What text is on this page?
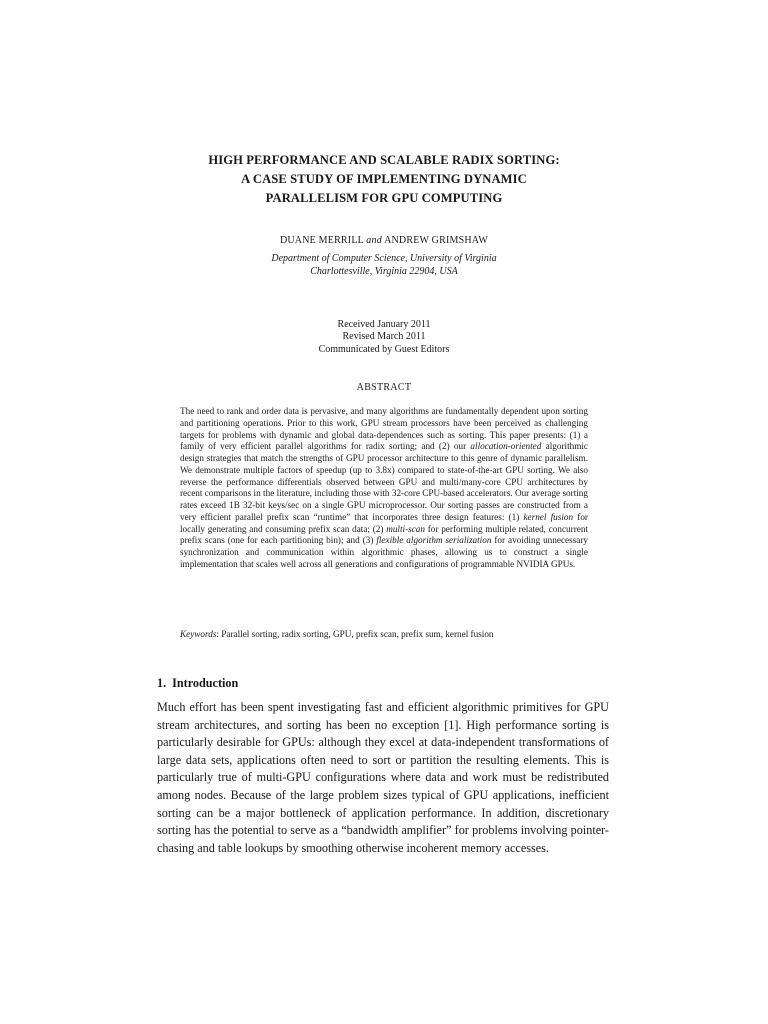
HIGH PERFORMANCE AND SCALABLE RADIX SORTING:
A CASE STUDY OF IMPLEMENTING DYNAMIC
PARALLELISM FOR GPU COMPUTING
DUANE MERRILL and ANDREW GRIMSHAW
Department of Computer Science, University of Virginia
Charlottesville, Virginia 22904, USA
Received January 2011
Revised March 2011
Communicated by Guest Editors
ABSTRACT

The need to rank and order data is pervasive, and many algorithms are fundamentally dependent upon sorting and partitioning operations. Prior to this work, GPU stream processors have been perceived as challenging targets for problems with dynamic and global data-dependences such as sorting. This paper presents: (1) a family of very efficient parallel algorithms for radix sorting; and (2) our allocation-oriented algorithmic design strategies that match the strengths of GPU processor architecture to this genre of dynamic parallelism. We demonstrate multiple factors of speedup (up to 3.8x) compared to state-of-the-art GPU sorting. We also reverse the performance differentials observed between GPU and multi/many-core CPU architectures by recent comparisons in the literature, including those with 32-core CPU-based accelerators. Our average sorting rates exceed 1B 32-bit keys/sec on a single GPU microprocessor. Our sorting passes are constructed from a very efficient parallel prefix scan “runtime” that incorporates three design features: (1) kernel fusion for locally generating and consuming prefix scan data; (2) multi-scan for performing multiple related, concurrent prefix scans (one for each partitioning bin); and (3) flexible algorithm serialization for avoiding unnecessary synchronization and communication within algorithmic phases, allowing us to construct a single implementation that scales well across all generations and configurations of programmable NVIDIA GPUs.

Keywords: Parallel sorting, radix sorting, GPU, prefix scan, prefix sum, kernel fusion
1. Introduction

Much effort has been spent investigating fast and efficient algorithmic primitives for GPU stream architectures, and sorting has been no exception [1]. High performance sorting is particularly desirable for GPUs: although they excel at data-independent transformations of large data sets, applications often need to sort or partition the resulting elements. This is particularly true of multi-GPU configurations where data and work must be redistributed among nodes. Because of the large problem sizes typical of GPU applications, inefficient sorting can be a major bottleneck of application performance. In addition, discretionary sorting has the potential to serve as a “bandwidth amplifier” for problems involving pointer-chasing and table lookups by smoothing otherwise incoherent memory accesses.
